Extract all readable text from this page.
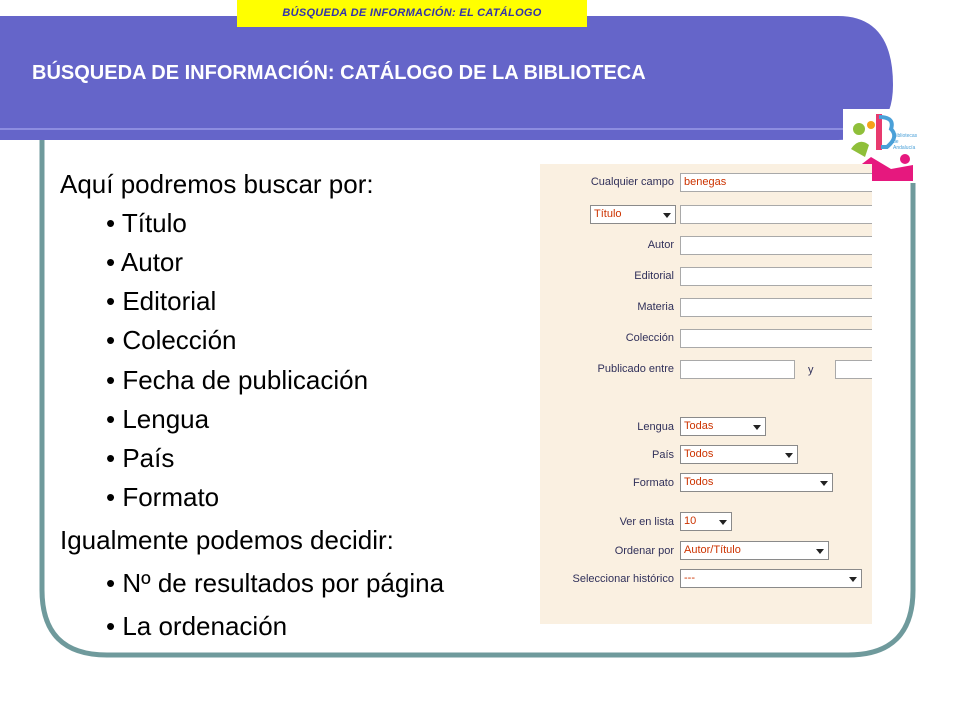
BÚSQUEDA DE INFORMACIÓN: EL CATÁLOGO
BÚSQUEDA DE INFORMACIÓN: CATÁLOGO DE LA BIBLIOTECA
Bibliotecas de Andalucía
Aquí podremos buscar por:
• Título
• Autor
• Editorial
• Colección
• Fecha de publicación
• Lengua
• País
• Formato
Igualmente podemos decidir:
• Nº de resultados por página
• La ordenación
Cualquier campo benegas
Título
Autor
Editorial
Materia
Colección
Publicado entre	y
Lengua Todas
País Todos
Formato Todos
Ver en lista 10
Ordenar por Autor/Título
Seleccionar histórico ---
